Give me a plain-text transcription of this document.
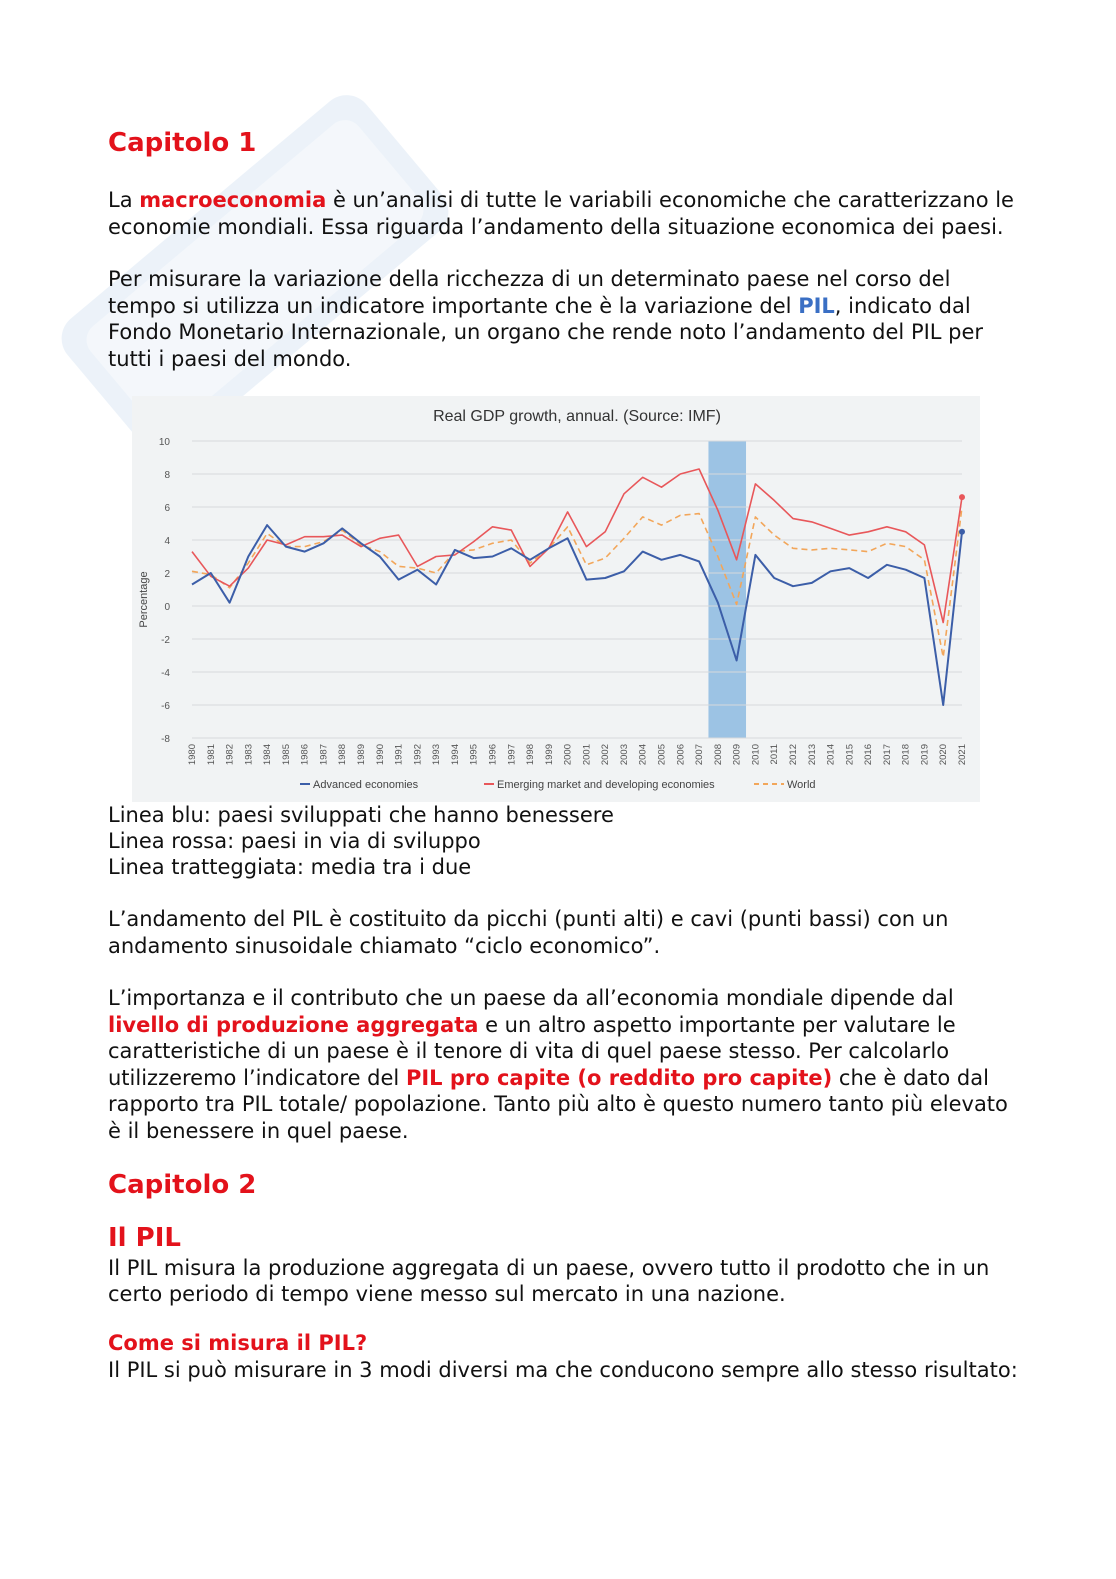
Capitolo 1

La macroeconomia è un’analisi di tutte le variabili economiche che caratterizzano le economie mondiali. Essa riguarda l’andamento della situazione economica dei paesi.

Per misurare la variazione della ricchezza di un determinato paese nel corso del tempo si utilizza un indicatore importante che è la variazione del PIL, indicato dal Fondo Monetario Internazionale, un organo che rende noto l’andamento del PIL per tutti i paesi del mondo.

Real GDP growth, annual. (Source: IMF)
10
8
6
4
2
0
-2
-4
-6
-8
Percentage
1980 1981 1982 1983 1984 1985 1986 1987 1988 1989 1990 1991 1992 1993 1994 1995 1996 1997 1998 1999 2000 2001 2002 2003 2004 2005 2006 2007 2008 2009 2010 2011 2012 2013 2014 2015 2016 2017 2018 2019 2020 2021
Advanced economies	Emerging market and developing economies	World

Linea blu: paesi sviluppati che hanno benessere

Linea rossa: paesi in via di sviluppo

Linea tratteggiata: media tra i due

L’andamento del PIL è costituito da picchi (punti alti) e cavi (punti bassi) con un andamento sinusoidale chiamato “ciclo economico”.

L’importanza e il contributo che un paese da all’economia mondiale dipende dal livello di produzione aggregata e un altro aspetto importante per valutare le caratteristiche di un paese è il tenore di vita di quel paese stesso. Per calcolarlo utilizzeremo l’indicatore del PIL pro capite (o reddito pro capite) che è dato dal rapporto tra PIL totale/ popolazione. Tanto più alto è questo numero tanto più elevato è il benessere in quel paese.

Capitolo 2
Il PIL

Il PIL misura la produzione aggregata di un paese, ovvero tutto il prodotto che in un certo periodo di tempo viene messo sul mercato in una nazione.

Come si misura il PIL?

Il PIL si può misurare in 3 modi diversi ma che conducono sempre allo stesso risultato:
